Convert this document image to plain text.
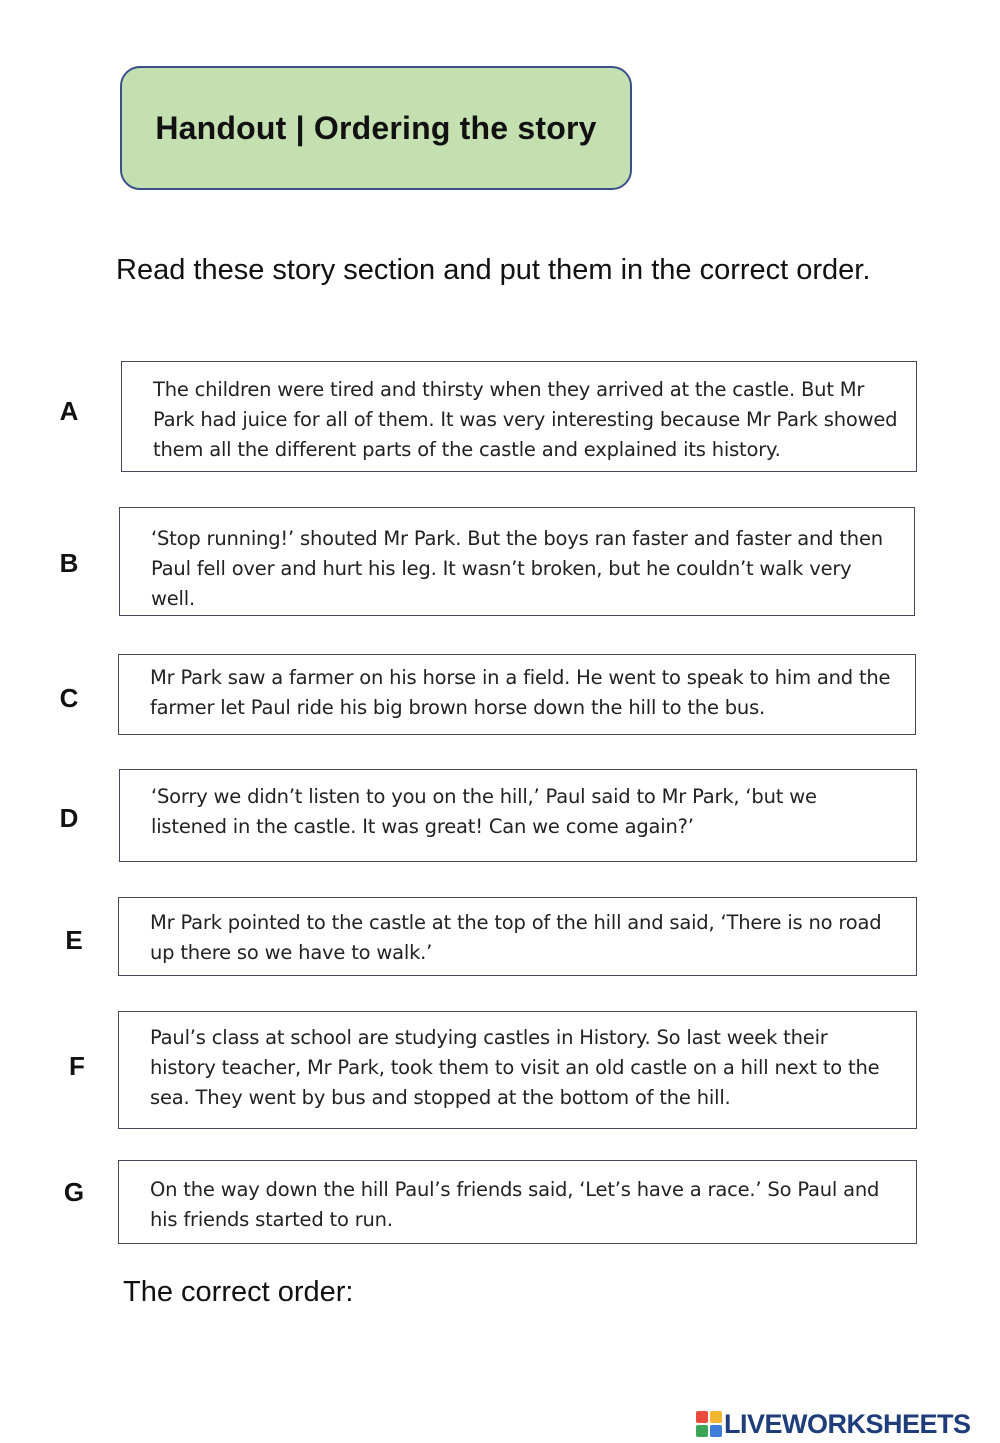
Handout | Ordering the story
Read these story section and put them in the correct order.
A
The children were tired and thirsty when they arrived at the castle. But Mr Park had juice for all of them. It was very interesting because Mr Park showed them all the different parts of the castle and explained its history.
B
‘Stop running!’ shouted Mr Park. But the boys ran faster and faster and then Paul fell over and hurt his leg. It wasn’t broken, but he couldn’t walk very well.
C
Mr Park saw a farmer on his horse in a field. He went to speak to him and the farmer let Paul ride his big brown horse down the hill to the bus.
D
‘Sorry we didn’t listen to you on the hill,’ Paul said to Mr Park, ‘but we listened in the castle. It was great! Can we come again?’
E
Mr Park pointed to the castle at the top of the hill and said, ‘There is no road up there so we have to walk.’
F
Paul’s class at school are studying castles in History. So last week their history teacher, Mr Park, took them to visit an old castle on a hill next to the sea. They went by bus and stopped at the bottom of the hill.
G	On the way down the hill Paul’s friends said, ‘Let’s have a race.’ So Paul and his friends started to run.
The correct order:
LIVEWORKSHEETS
